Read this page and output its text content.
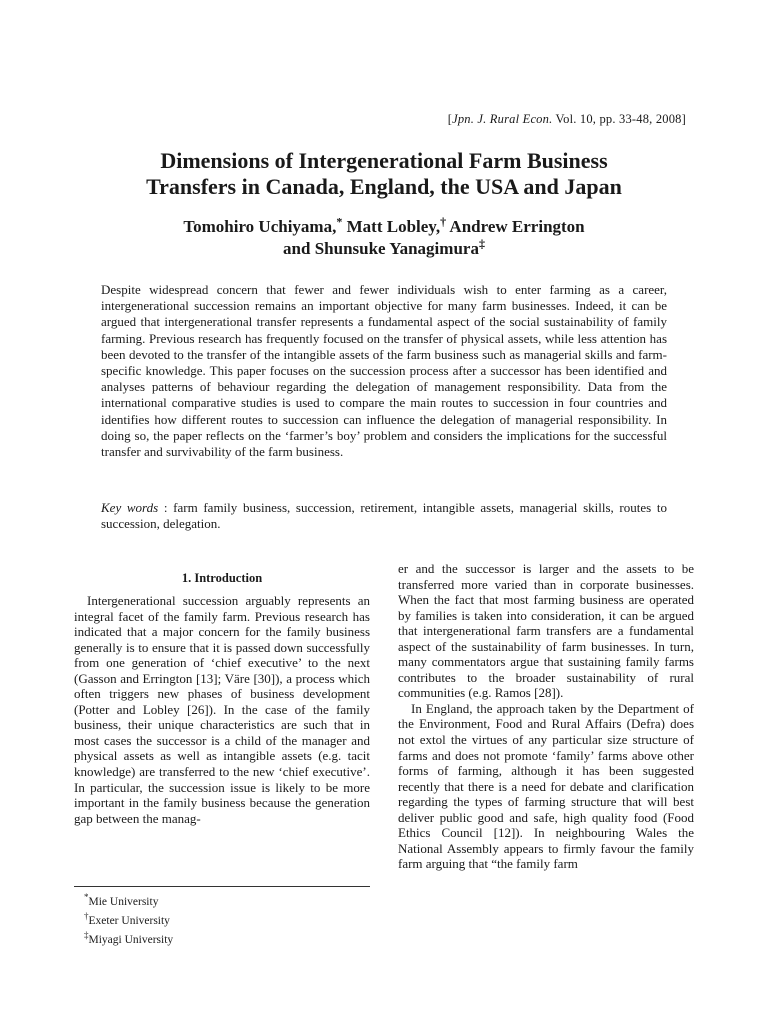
[Jpn. J. Rural Econ. Vol. 10, pp. 33-48, 2008]
Dimensions of Intergenerational Farm Business
Transfers in Canada, England, the USA and Japan
Tomohiro Uchiyama,* Matt Lobley,† Andrew Errington
and Shunsuke Yanagimura‡

Despite widespread concern that fewer and fewer individuals wish to enter farming as a career, intergenerational succession remains an important objective for many farm businesses. Indeed, it can be argued that intergenerational transfer represents a fundamental aspect of the social sustainability of family farming. Previous research has frequently focused on the transfer of physical assets, while less attention has been devoted to the transfer of the intangible assets of the farm business such as managerial skills and farm-specific knowledge. This paper focuses on the succession process after a successor has been identified and analyses patterns of behaviour regarding the delegation of management responsibility. Data from the international comparative studies is used to compare the main routes to succession in four countries and identifies how different routes to succession can influence the delegation of managerial responsibility. In doing so, the paper reflects on the ‘farmer’s boy’ problem and considers the implications for the successful transfer and survivability of the farm business.

Key words : farm family business, succession, retirement, intangible assets, managerial skills, routes to succession, delegation.
1. Introduction

Intergenerational succession arguably represents an integral facet of the family farm. Previous research has indicated that a major concern for the family business generally is to ensure that it is passed down successfully from one generation of ‘chief executive’ to the next (Gasson and Errington [13]; Väre [30]), a process which often triggers new phases of business development (Potter and Lobley [26]). In the case of the family business, their unique characteristics are such that in most cases the successor is a child of the manager and physical assets as well as intangible assets (e.g. tacit knowledge) are transferred to the new ‘chief executive’. In particular, the succession issue is likely to be more important in the family business because the generation gap between the manag-

er and the successor is larger and the assets to be transferred more varied than in corporate businesses. When the fact that most farming business are operated by families is taken into consideration, it can be argued that intergenerational farm transfers are a fundamental aspect of the sustainability of farm businesses. In turn, many commentators argue that sustaining family farms contributes to the broader sustainability of rural communities (e.g. Ramos [28]).

In England, the approach taken by the Department of the Environment, Food and Rural Affairs (Defra) does not extol the virtues of any particular size structure of farms and does not promote ‘family’ farms above other forms of farming, although it has been suggested recently that there is a need for debate and clarification regarding the types of farming structure that will best deliver public good and safe, high quality food (Food Ethics Council [12]). In neighbouring Wales the National Assembly appears to firmly favour the family farm arguing that “the family farm

*Mie University
†Exeter University
‡Miyagi University
